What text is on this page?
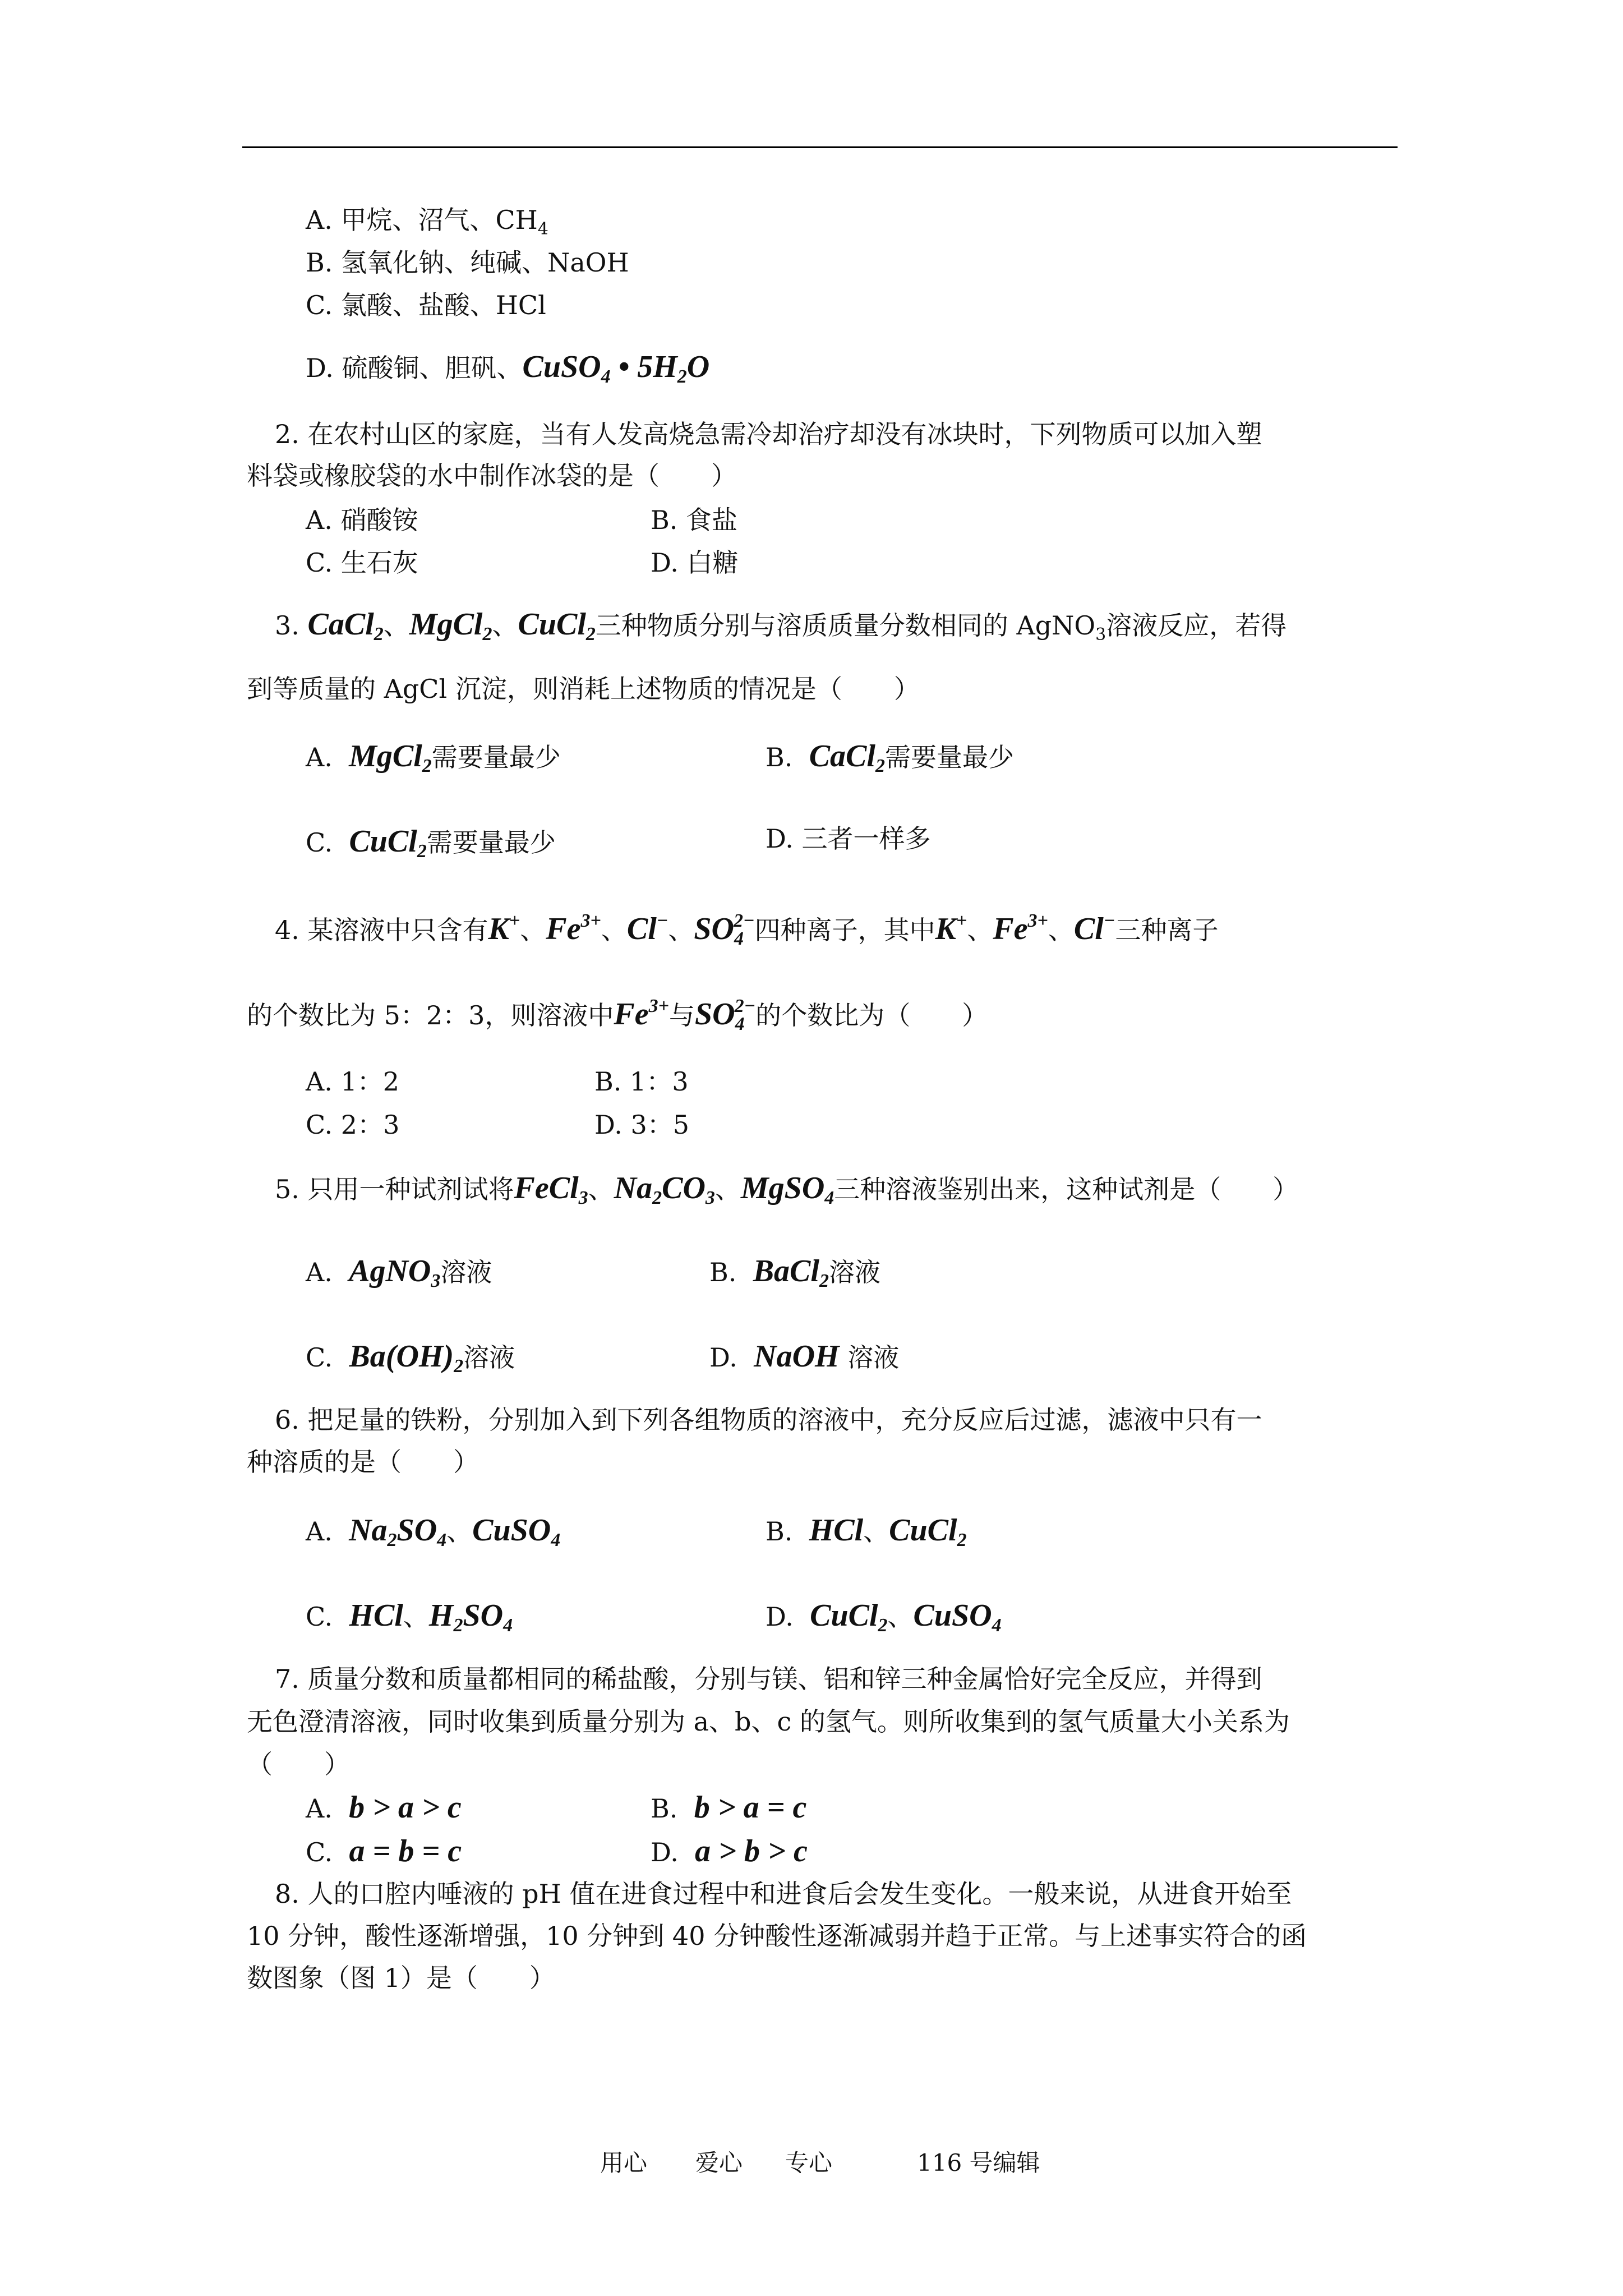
A. 甲烷、沼气、$CH_4$
B. 氢氧化钠、纯碱、NaOH
C. 氯酸、盐酸、HCl
D. 硫酸铜、胆矾、CuSO$_4$ • $5H_2O$
2. 在农村山区的家庭，当有人发高烧急需冷却治疗却没有冰块时，下列物质可以加入塑
料袋或橡胶袋的水中制作冰袋的是（　　）
A. 硝酸铵	B. 食盐
C. 生石灰	D. 白糖
3. CaCl$_2$、MgCl$_2$、CuCl$_2$三种物质分别与溶质质量分数相同的 AgNO$_3$溶液反应，若得
到等质量的 AgCl 沉淀，则消耗上述物质的情况是（　　）
A. MgCl$_2$需要量最少	B. CaCl$_2$需要量最少
C. CuCl$_2$需要量最少	D. 三者一样多
4. 某溶液中只含有K+、$Fe^{3+}$、Cl−、$SO_4^{2-}$四种离子，其中K+、$Fe^{3+}$、Cl−三种离子
的个数比为 5：2：3，则溶液中$Fe^{3+}$与$SO_4^{2-}$的个数比为（　　）
A. 1：2	B. 1：3
C. 2：3	D. 3：5
5. 只用一种试剂试将FeCl$_3$、$Na_2CO_3$、MgSO$_4$三种溶液鉴别出来，这种试剂是（　　）
A. AgNO$_3$溶液	B. BaCl$_2$溶液
C. $Ba(OH)_2$溶液	D. NaOH 溶液
6. 把足量的铁粉，分别加入到下列各组物质的溶液中，充分反应后过滤，滤液中只有一
种溶质的是（　　）
A. $Na_2SO_4$、CuSO$_4$	B. HCl、CuCl$_2$
C. HCl、$H_2SO_4$	D. CuCl$_2$、CuSO$_4$
7. 质量分数和质量都相同的稀盐酸，分别与镁、铝和锌三种金属恰好完全反应，并得到
无色澄清溶液，同时收集到质量分别为 a、b、c 的氢气。则所收集到的氢气质量大小关系为
（　　）
A. b > a > c	B. b > a = c
C. a = b = c	D. a > b > c
8. 人的口腔内唾液的 pH 值在进食过程中和进食后会发生变化。一般来说，从进食开始至
10 分钟，酸性逐渐增强，10 分钟到 40 分钟酸性逐渐减弱并趋于正常。与上述事实符合的函
数图象（图 1）是（　　）
用心 爱心 专心	116 号编辑
